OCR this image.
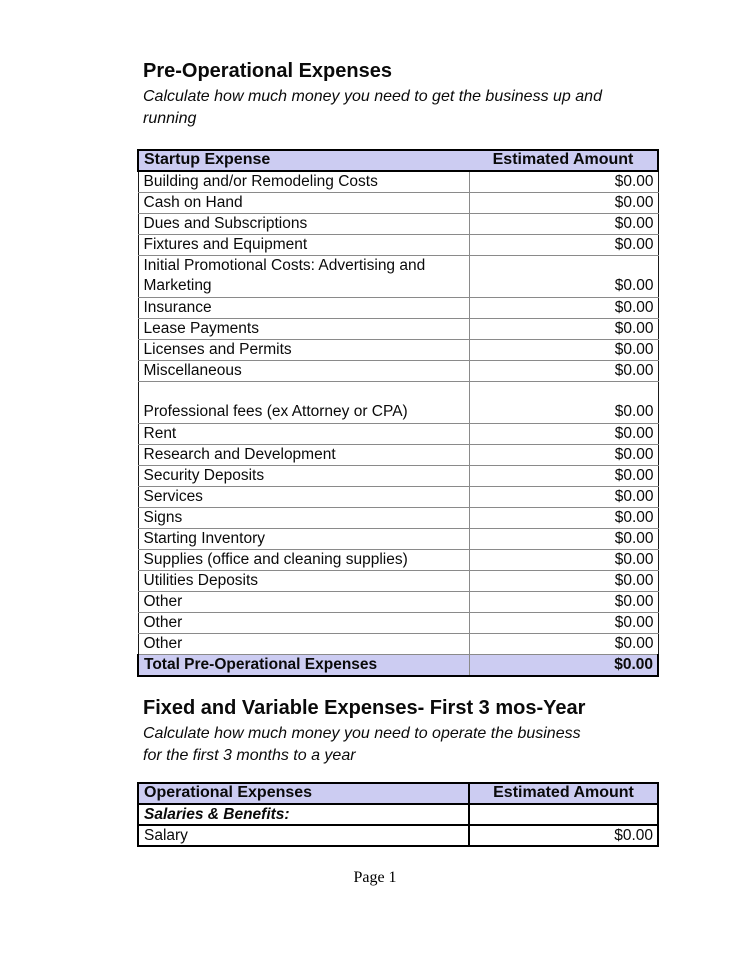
Pre-Operational Expenses

Calculate how much money you need to get the business up and
running

Startup Expense	Estimated Amount
Building and/or Remodeling Costs	$0.00
Cash on Hand	$0.00
Dues and Subscriptions	$0.00
Fixtures and Equipment	$0.00

Initial Promotional Costs: Advertising and
Marketing	$0.00
Insurance	$0.00
Lease Payments	$0.00
Licenses and Permits	$0.00
Miscellaneous	$0.00
Professional fees (ex Attorney or CPA)	$0.00
Rent	$0.00
Research and Development	$0.00
Security Deposits	$0.00
Services	$0.00
Signs	$0.00
Starting Inventory	$0.00
Supplies (office and cleaning supplies)	$0.00
Utilities Deposits	$0.00
Other	$0.00
Other	$0.00
Other	$0.00
Total Pre-Operational Expenses	$0.00
Fixed and Variable Expenses- First 3 mos-Year

Calculate how much money you need to operate the business
for the first 3 months to a year

Operational Expenses	Estimated Amount
Salaries & Benefits:	
Salary	$0.00
Page 1
